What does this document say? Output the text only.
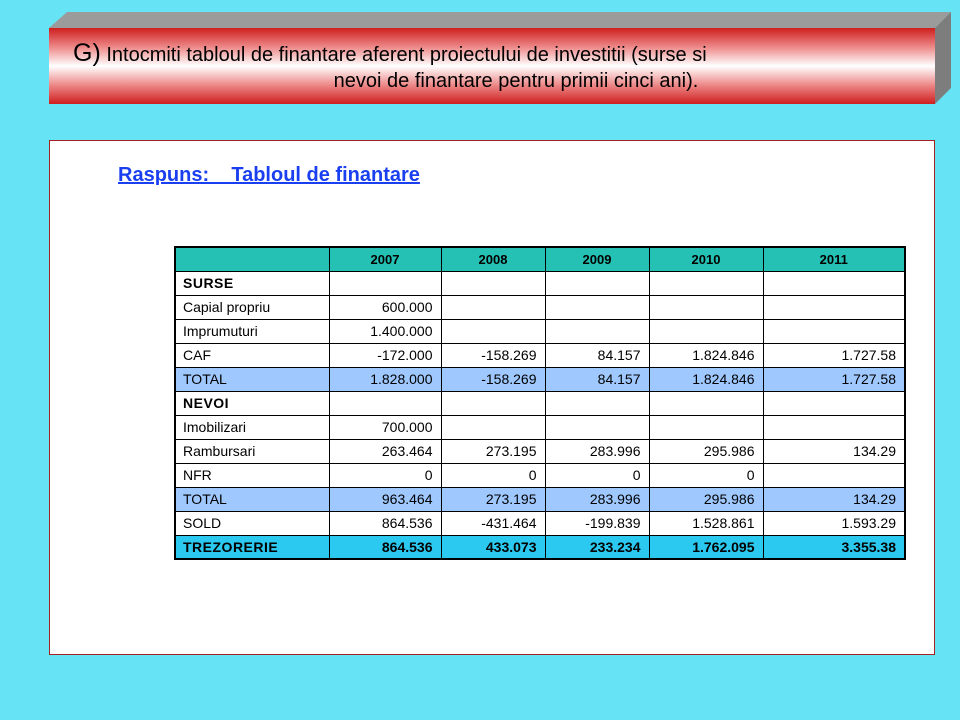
G) Intocmiti tabloul de finantare aferent proiectului de investitii (surse si
nevoi de finantare pentru primii cinci ani).
Raspuns:    Tabloul de finantare
	2007	2008	2009	2010	2011
SURSE					
Capial propriu	600.000				
Imprumuturi	1.400.000				
CAF	-172.000	-158.269	84.157	1.824.846	1.727.58
TOTAL	1.828.000	-158.269	84.157	1.824.846	1.727.58
NEVOI					
Imobilizari	700.000				
Rambursari	263.464	273.195	283.996	295.986	134.29
NFR	0	0	0	0	
TOTAL	963.464	273.195	283.996	295.986	134.29
SOLD	864.536	-431.464	-199.839	1.528.861	1.593.29
TREZORERIE	864.536	433.073	233.234	1.762.095	3.355.38
